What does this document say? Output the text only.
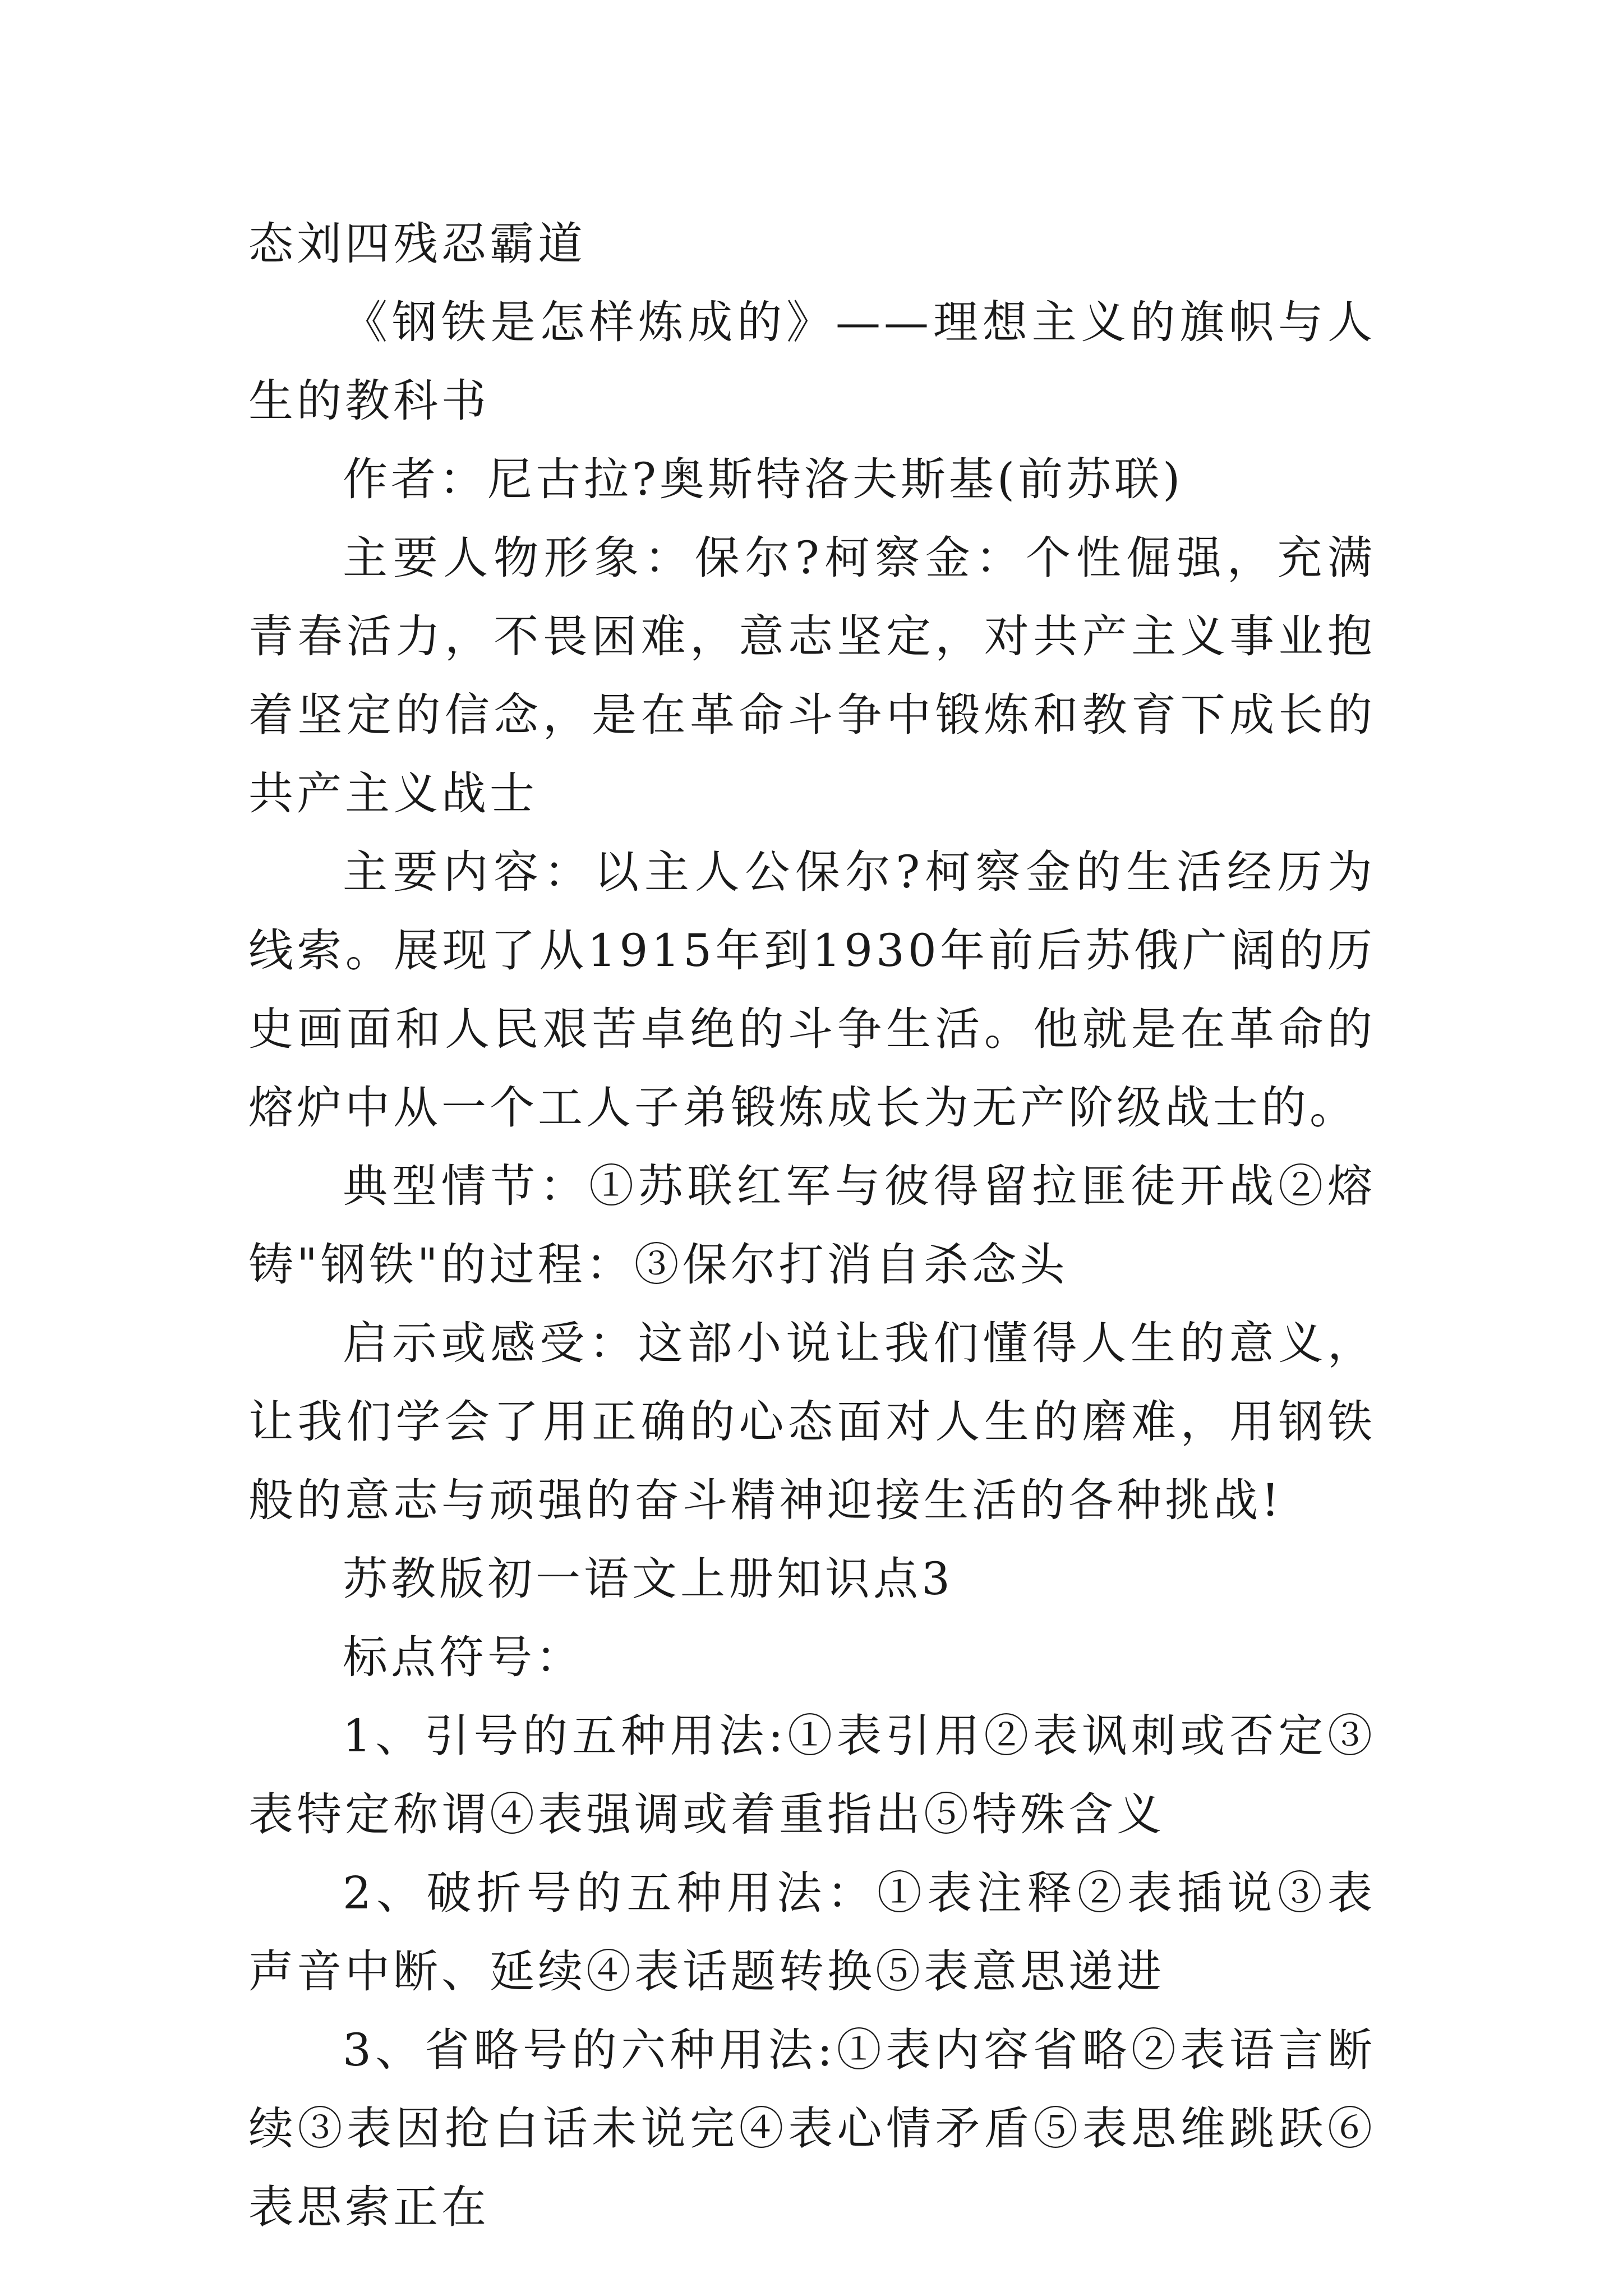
态刘四残忍霸道

《钢铁是怎样炼成的》——理想主义的旗帜与人生的教科书

作者：尼古拉?奥斯特洛夫斯基(前苏联)

主要人物形象：保尔?柯察金：个性倔强，充满青春活力，不畏困难，意志坚定，对共产主义事业抱着坚定的信念，是在革命斗争中锻炼和教育下成长的共产主义战士

主要内容：以主人公保尔?柯察金的生活经历为线索。展现了从1915年到1930年前后苏俄广阔的历史画面和人民艰苦卓绝的斗争生活。他就是在革命的熔炉中从一个工人子弟锻炼成长为无产阶级战士的。

典型情节：①苏联红军与彼得留拉匪徒开战②熔铸"钢铁"的过程：③保尔打消自杀念头

启示或感受：这部小说让我们懂得人生的意义，让我们学会了用正确的心态面对人生的磨难，用钢铁般的意志与顽强的奋斗精神迎接生活的各种挑战!

苏教版初一语文上册知识点3

标点符号：

1、引号的五种用法:①表引用②表讽刺或否定③表特定称谓④表强调或着重指出⑤特殊含义

2、破折号的五种用法：①表注释②表插说③表声音中断、延续④表话题转换⑤表意思递进

3、省略号的六种用法:①表内容省略②表语言断续③表因抢白话未说完④表心情矛盾⑤表思维跳跃⑥表思索正在
